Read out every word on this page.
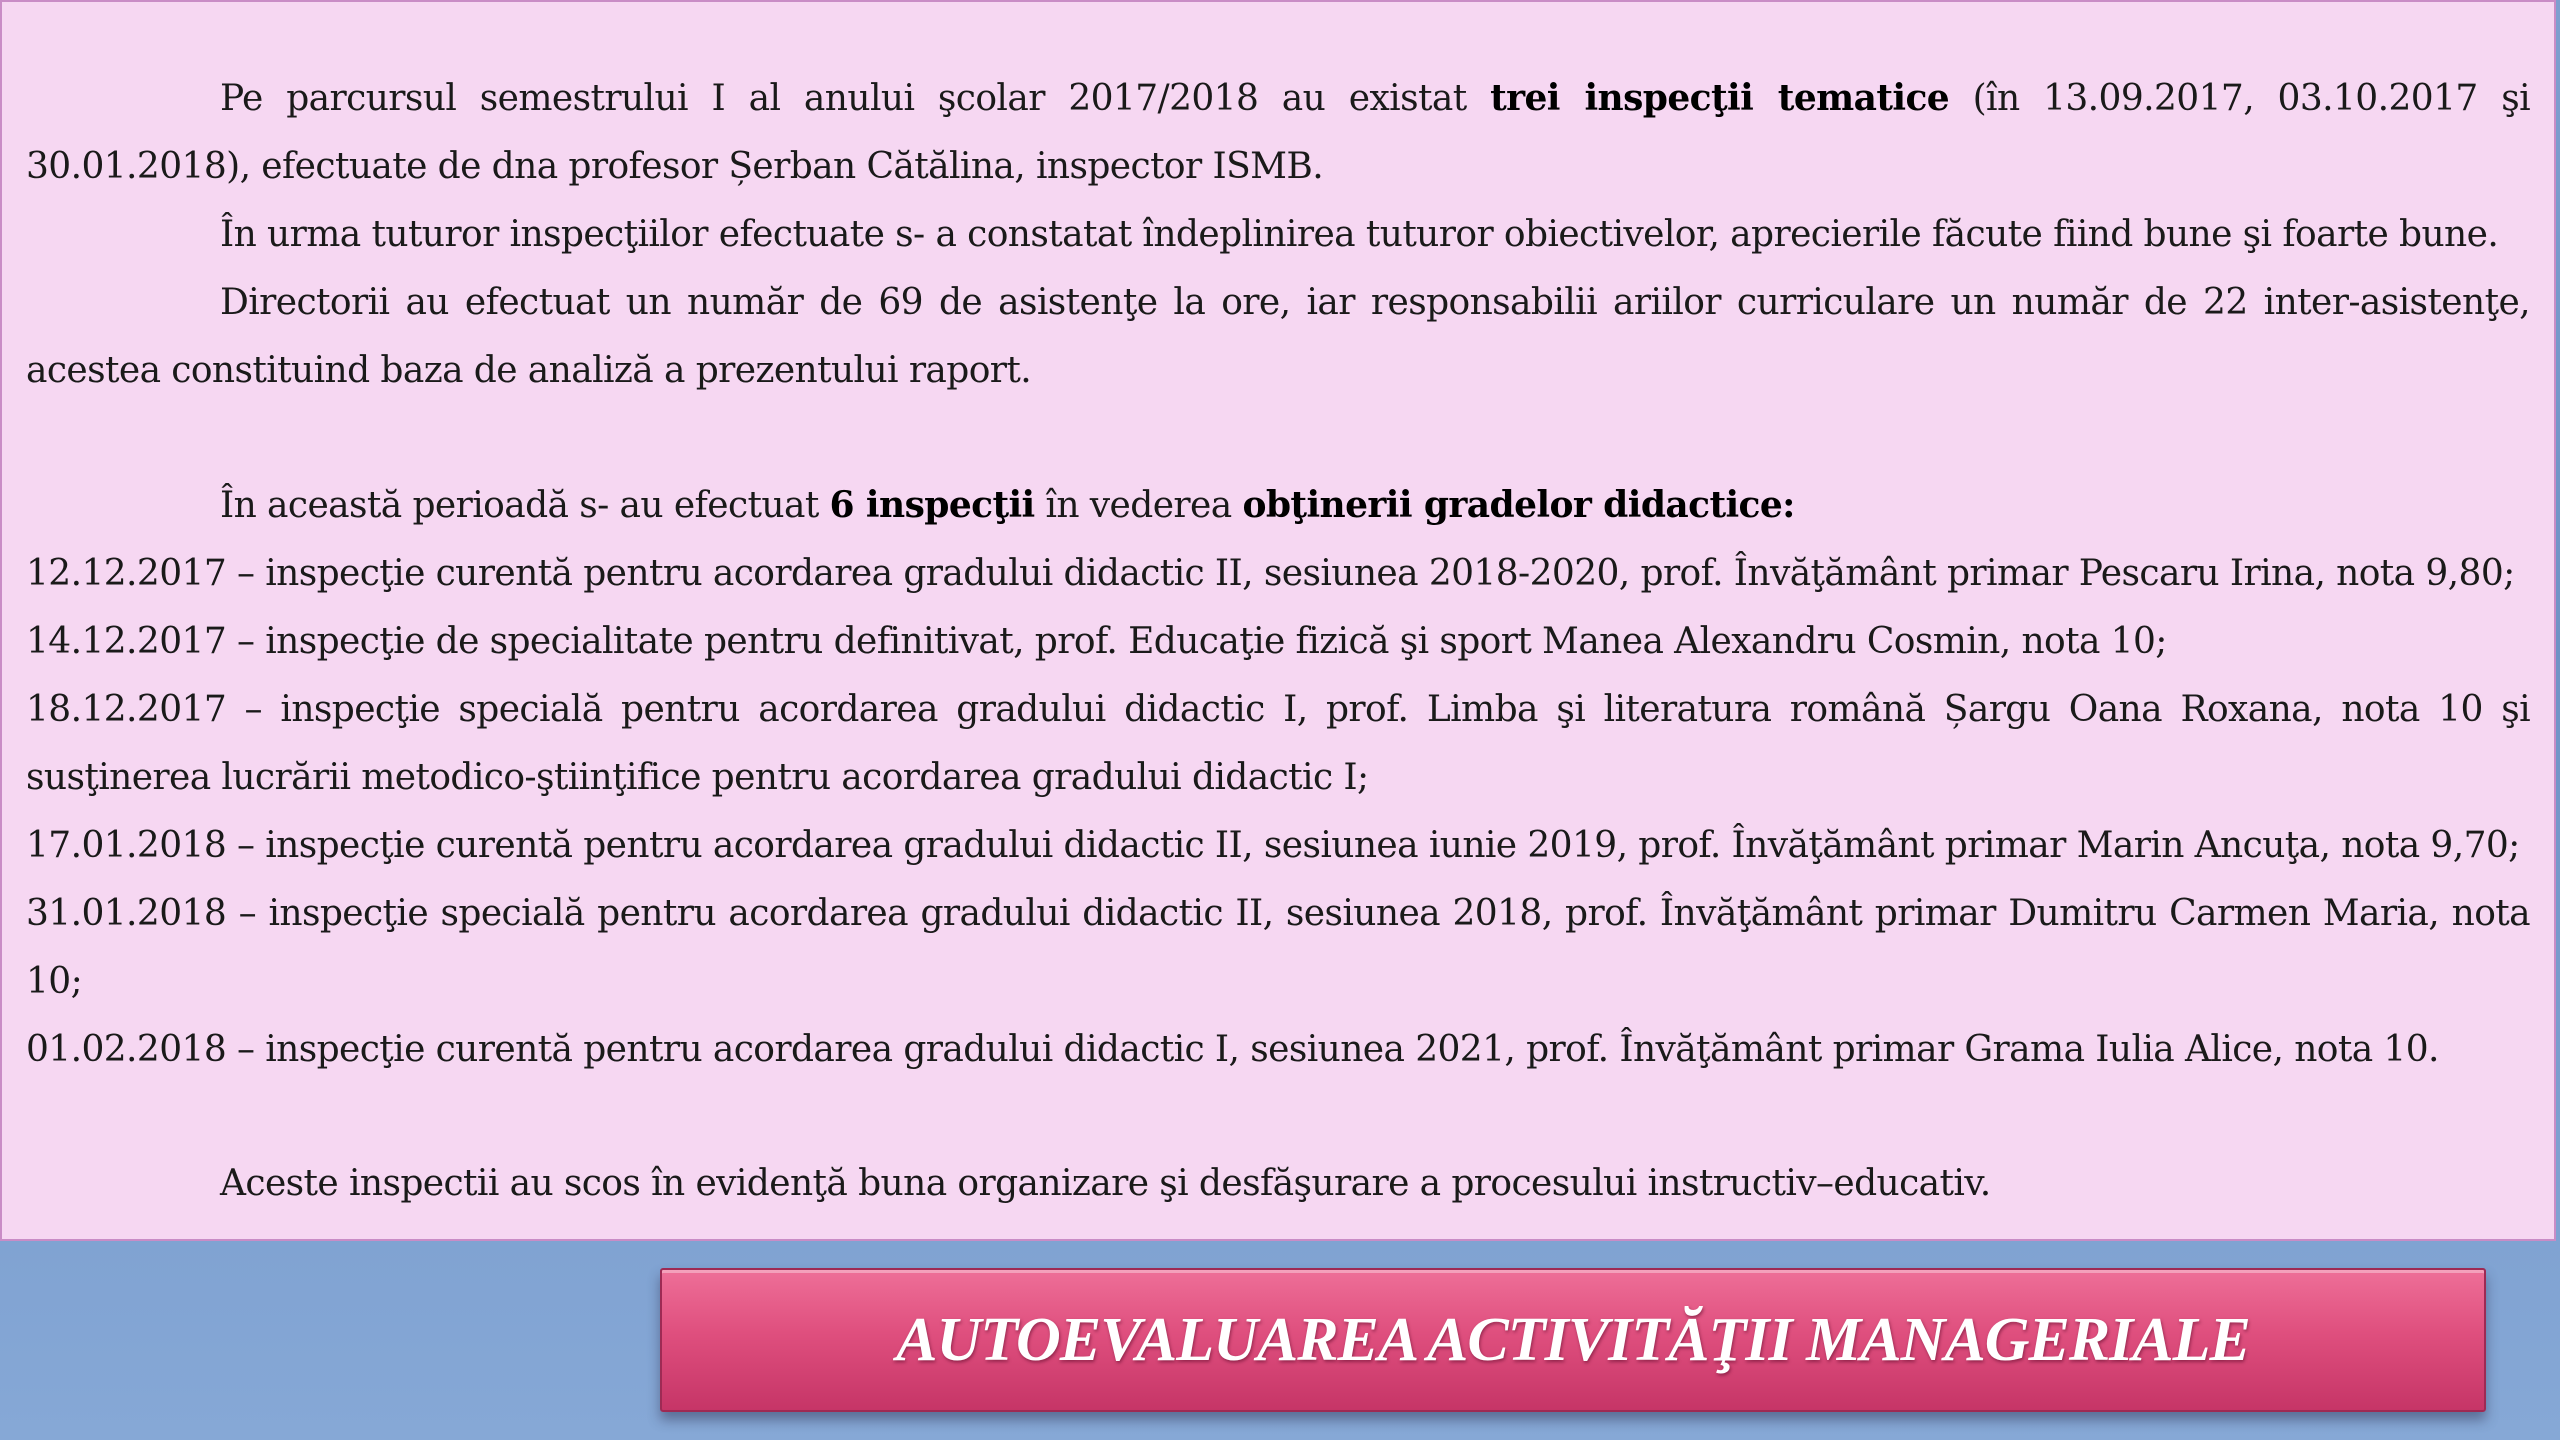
Pe parcursul semestrului I al anului şcolar 2017/2018 au existat trei inspecţii tematice (în 13.09.2017, 03.10.2017 şi 30.01.2018), efectuate de dna profesor Șerban Cătălina, inspector ISMB.

În urma tuturor inspecţiilor efectuate s- a constatat îndeplinirea tuturor obiectivelor, aprecierile făcute fiind bune şi foarte bune.

Directorii au efectuat un număr de 69 de asistenţe la ore, iar responsabilii ariilor curriculare un număr de 22 inter-asistenţe, acestea constituind baza de analiză a prezentului raport.

În această perioadă s- au efectuat 6 inspecţii în vederea obţinerii gradelor didactice:

12.12.2017 – inspecţie curentă pentru acordarea gradului didactic II, sesiunea 2018-2020, prof. Învăţământ primar Pescaru Irina, nota 9,80;

14.12.2017 – inspecţie de specialitate pentru definitivat, prof. Educaţie fizică şi sport Manea Alexandru Cosmin, nota 10;

18.12.2017 – inspecţie specială pentru acordarea gradului didactic I, prof. Limba şi literatura română Șargu Oana Roxana, nota 10 şi susţinerea lucrării metodico-ştiinţifice pentru acordarea gradului didactic I;

17.01.2018 – inspecţie curentă pentru acordarea gradului didactic II, sesiunea iunie 2019, prof. Învăţământ primar Marin Ancuţa, nota 9,70;

31.01.2018 – inspecţie specială pentru acordarea gradului didactic II, sesiunea 2018, prof. Învăţământ primar Dumitru Carmen Maria, nota 10;

01.02.2018 – inspecţie curentă pentru acordarea gradului didactic I, sesiunea 2021, prof. Învăţământ primar Grama Iulia Alice, nota 10.

Aceste inspectii au scos în evidenţă buna organizare şi desfăşurare a procesului instructiv–educativ.

AUTOEVALUAREA ACTIVITĂŢII MANAGERIALE
